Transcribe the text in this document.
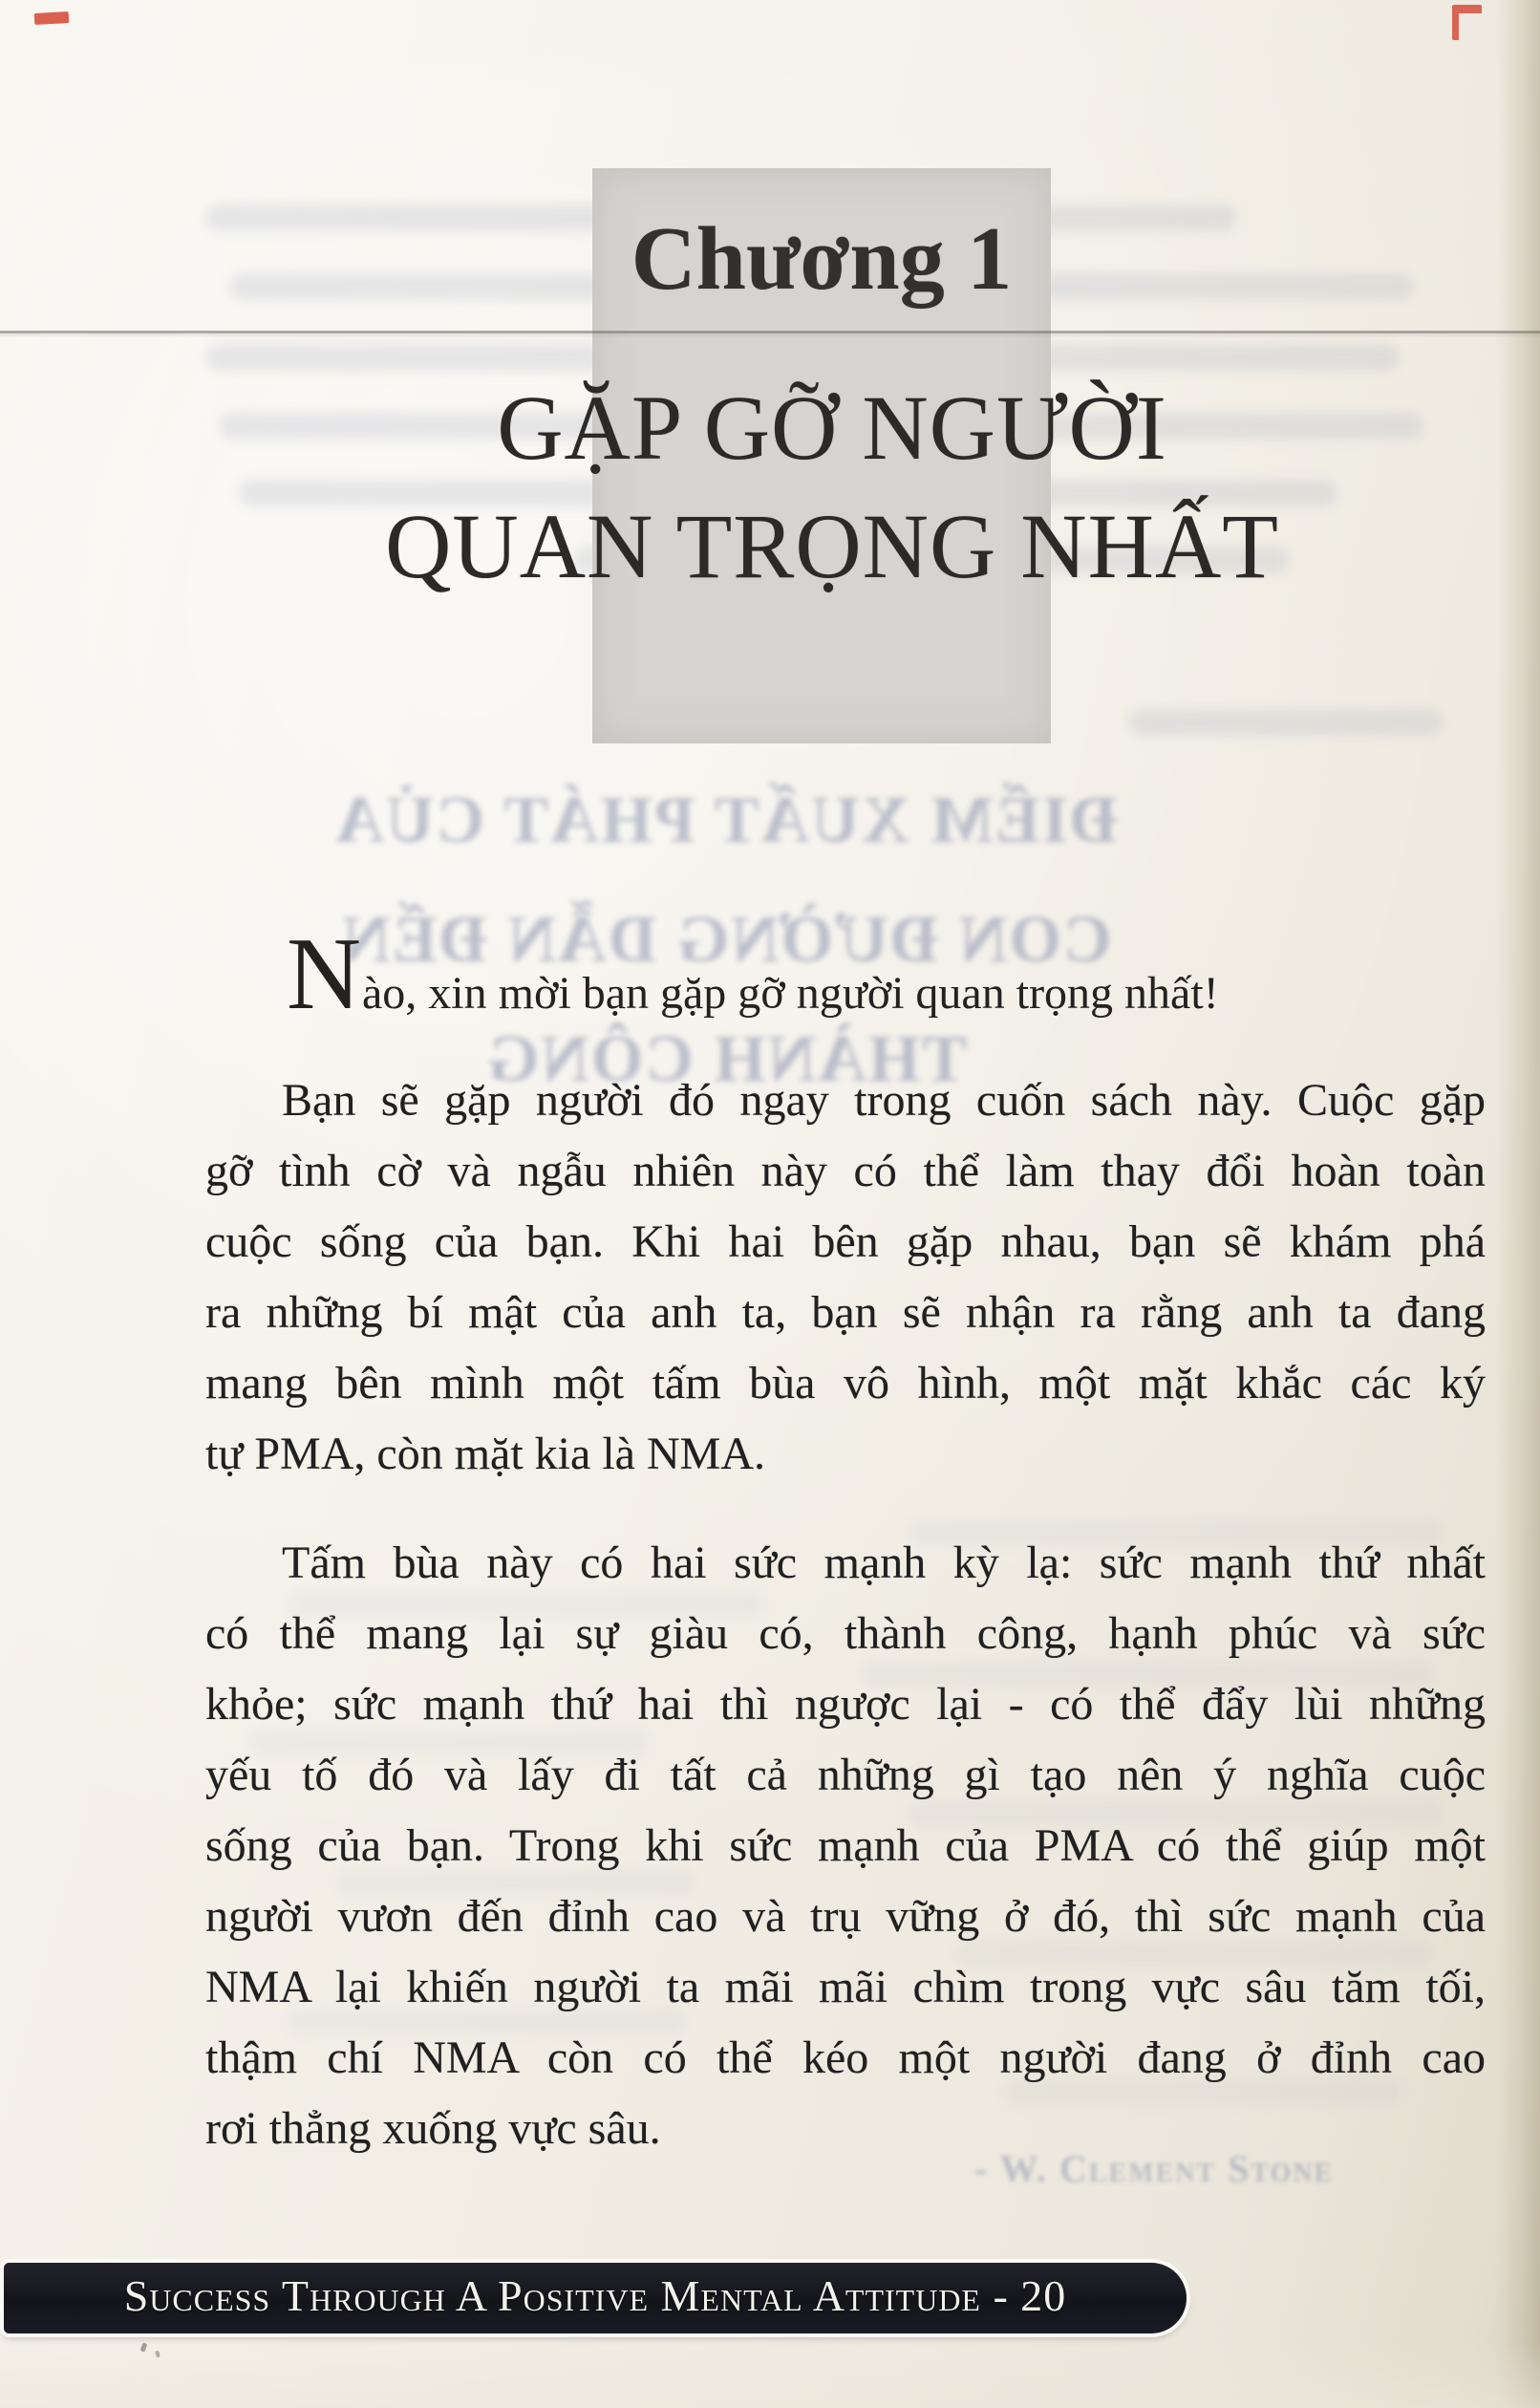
ĐIỂM XUẤT PHÁT CỦA
CON ĐƯỜNG DẪN ĐẾN
THÀNH CÔNG
Chương 1
GẶP GỠ NGƯỜI
QUAN TRỌNG NHẤT
N ào, xin mời bạn gặp gỡ người quan trọng nhất!
Bạn sẽ gặp người đó ngay trong cuốn sách này. Cuộc gặp
gỡ tình cờ và ngẫu nhiên này có thể làm thay đổi hoàn toàn
cuộc sống của bạn. Khi hai bên gặp nhau, bạn sẽ khám phá
ra những bí mật của anh ta, bạn sẽ nhận ra rằng anh ta đang
mang bên mình một tấm bùa vô hình, một mặt khắc các ký
tự PMA, còn mặt kia là NMA.
Tấm bùa này có hai sức mạnh kỳ lạ: sức mạnh thứ nhất
có thể mang lại sự giàu có, thành công, hạnh phúc và sức
khỏe; sức mạnh thứ hai thì ngược lại - có thể đẩy lùi những
yếu tố đó và lấy đi tất cả những gì tạo nên ý nghĩa cuộc
sống của bạn. Trong khi sức mạnh của PMA có thể giúp một
người vươn đến đỉnh cao và trụ vững ở đó, thì sức mạnh của
NMA lại khiến người ta mãi mãi chìm trong vực sâu tăm tối,
thậm chí NMA còn có thể kéo một người đang ở đỉnh cao
rơi thẳng xuống vực sâu.
- W. Clement Stone
Success Through A Positive Mental Attitude - 20
